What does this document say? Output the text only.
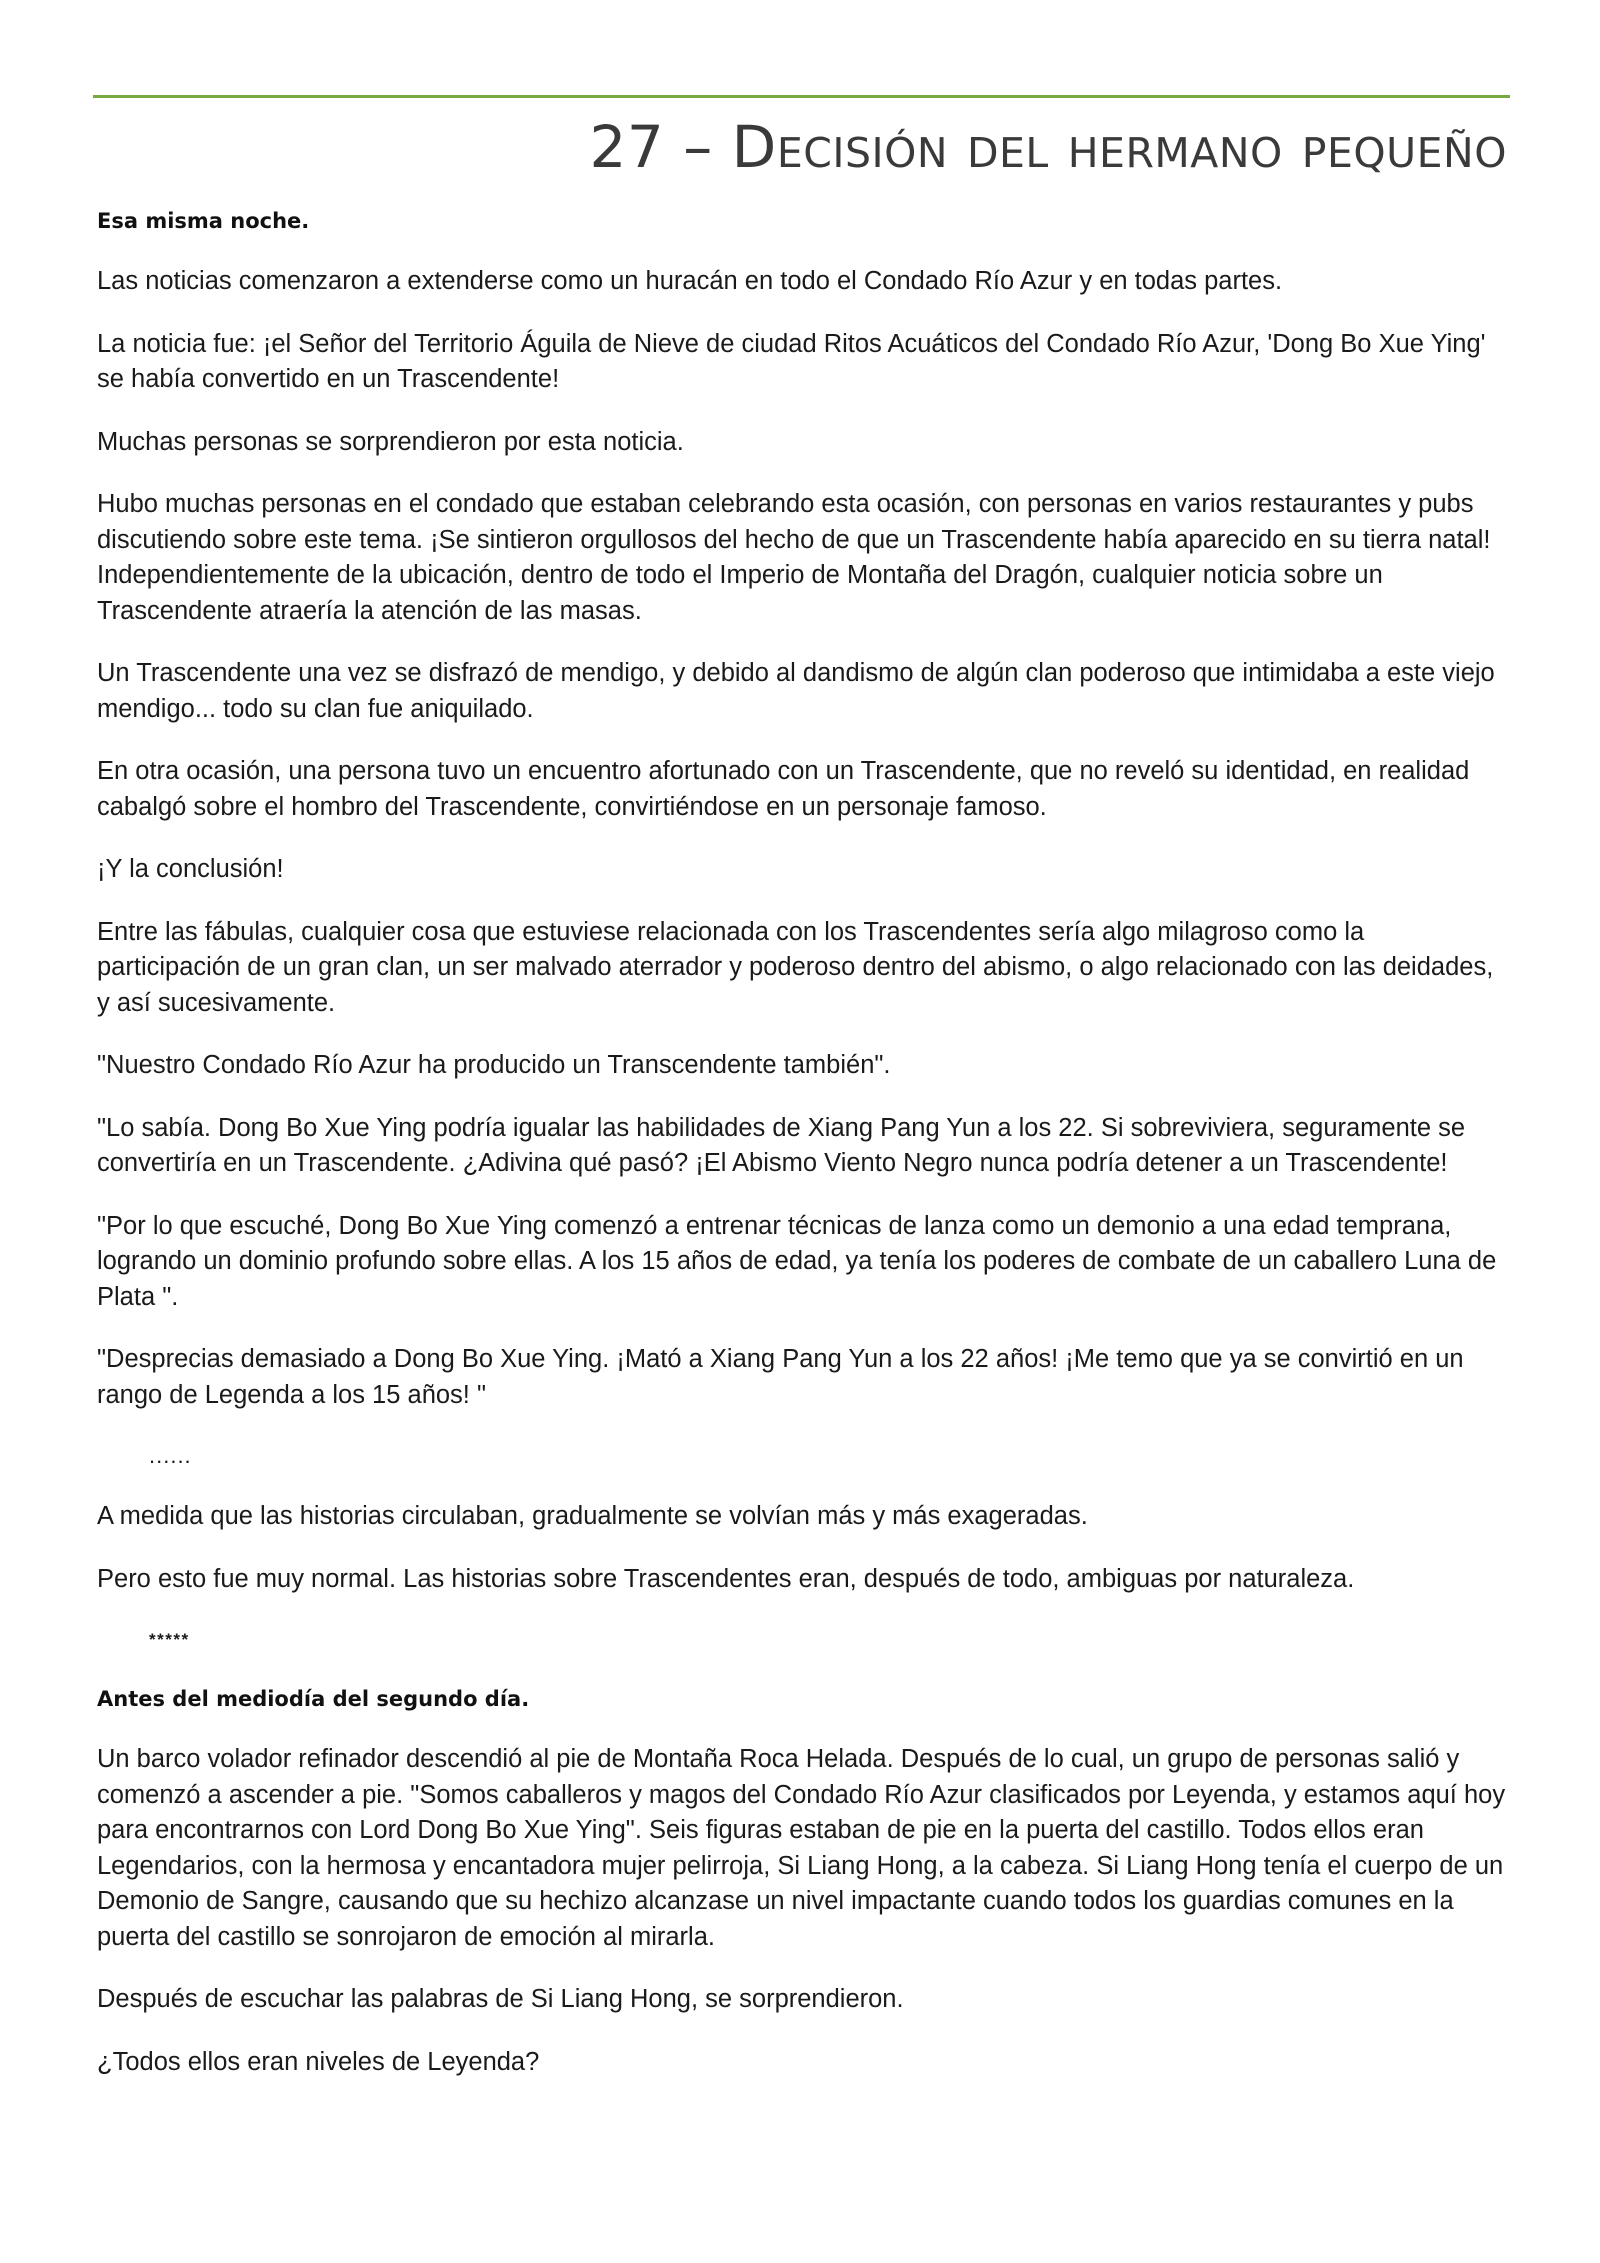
27 – Decisión del hermano pequeño

Esa misma noche.

Las noticias comenzaron a extenderse como un huracán en todo el Condado Río Azur y en todas partes.

La noticia fue: ¡el Señor del Territorio Águila de Nieve de ciudad Ritos Acuáticos del Condado Río Azur, 'Dong Bo Xue Ying' se había convertido en un Trascendente!

Muchas personas se sorprendieron por esta noticia.

Hubo muchas personas en el condado que estaban celebrando esta ocasión, con personas en varios restaurantes y pubs discutiendo sobre este tema. ¡Se sintieron orgullosos del hecho de que un Trascendente había aparecido en su tierra natal! Independientemente de la ubicación, dentro de todo el Imperio de Montaña del Dragón, cualquier noticia sobre un Trascendente atraería la atención de las masas.

Un Trascendente una vez se disfrazó de mendigo, y debido al dandismo de algún clan poderoso que intimidaba a este viejo mendigo... todo su clan fue aniquilado.

En otra ocasión, una persona tuvo un encuentro afortunado con un Trascendente, que no reveló su identidad, en realidad cabalgó sobre el hombro del Trascendente, convirtiéndose en un personaje famoso.

¡Y la conclusión!

Entre las fábulas, cualquier cosa que estuviese relacionada con los Trascendentes sería algo milagroso como la participación de un gran clan, un ser malvado aterrador y poderoso dentro del abismo, o algo relacionado con las deidades, y así sucesivamente.

"Nuestro Condado Río Azur ha producido un Transcendente también".

"Lo sabía. Dong Bo Xue Ying podría igualar las habilidades de Xiang Pang Yun a los 22. Si sobreviviera, seguramente se convertiría en un Trascendente. ¿Adivina qué pasó? ¡El Abismo Viento Negro nunca podría detener a un Trascendente!

"Por lo que escuché, Dong Bo Xue Ying comenzó a entrenar técnicas de lanza como un demonio a una edad temprana, logrando un dominio profundo sobre ellas. A los 15 años de edad, ya tenía los poderes de combate de un caballero Luna de Plata ".

"Desprecias demasiado a Dong Bo Xue Ying. ¡Mató a Xiang Pang Yun a los 22 años! ¡Me temo que ya se convirtió en un rango de Legenda a los 15 años! "

......

A medida que las historias circulaban, gradualmente se volvían más y más exageradas.

Pero esto fue muy normal. Las historias sobre Trascendentes eran, después de todo, ambiguas por naturaleza.

*****

Antes del mediodía del segundo día.

Un barco volador refinador descendió al pie de Montaña Roca Helada. Después de lo cual, un grupo de personas salió y comenzó a ascender a pie. "Somos caballeros y magos del Condado Río Azur clasificados por Leyenda, y estamos aquí hoy para encontrarnos con Lord Dong Bo Xue Ying". Seis figuras estaban de pie en la puerta del castillo. Todos ellos eran Legendarios, con la hermosa y encantadora mujer pelirroja, Si Liang Hong, a la cabeza. Si Liang Hong tenía el cuerpo de un Demonio de Sangre, causando que su hechizo alcanzase un nivel impactante cuando todos los guardias comunes en la puerta del castillo se sonrojaron de emoción al mirarla.

Después de escuchar las palabras de Si Liang Hong, se sorprendieron.

¿Todos ellos eran niveles de Leyenda?
